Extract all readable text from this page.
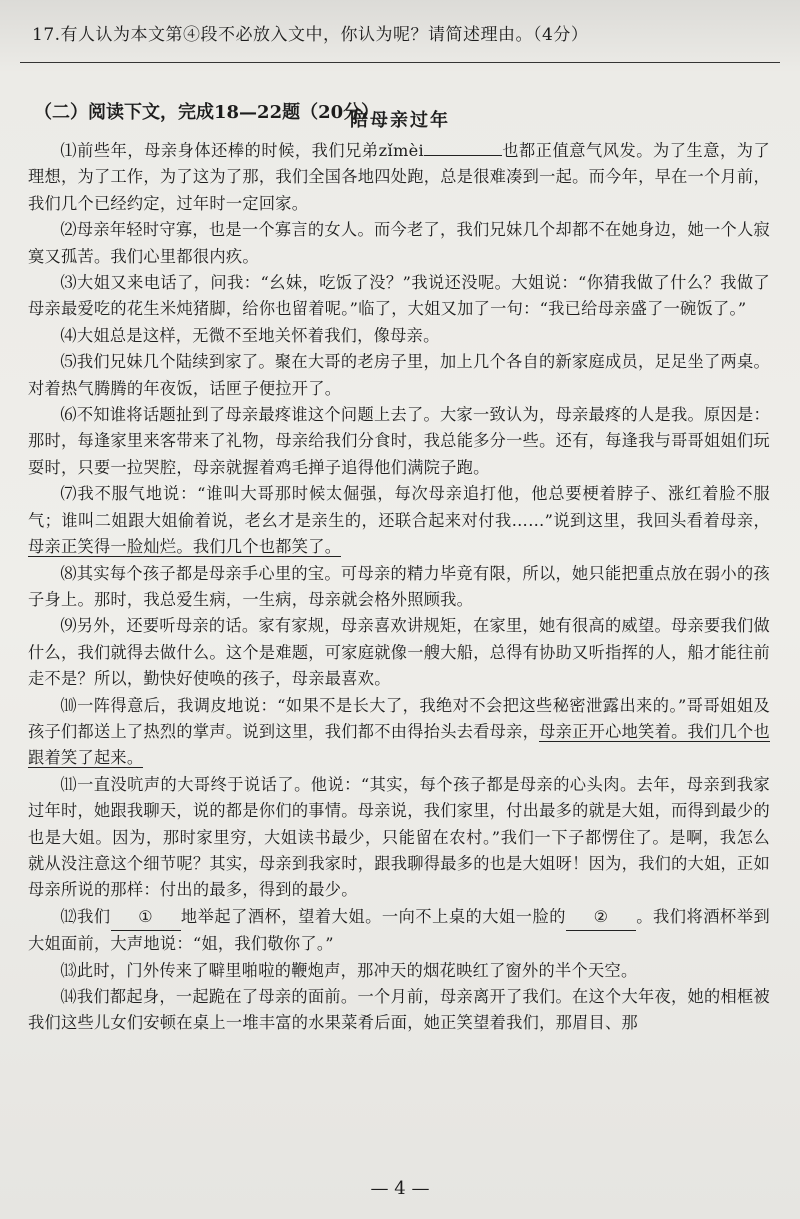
17.有人认为本文第④段不必放入文中，你认为呢？请简述理由。（4分）
（二）阅读下文，完成18—22题（20分）
陪母亲过年

⑴前些年，母亲身体还棒的时候，我们兄弟zǐmèi	也都正值意气风发。为了生意，为了理想，为了工作，为了这为了那，我们全国各地四处跑，总是很难凑到一起。而今年，早在一个月前，我们几个已经约定，过年时一定回家。

⑵母亲年轻时守寡，也是一个寡言的女人。而今老了，我们兄妹几个却都不在她身边，她一个人寂寞又孤苦。我们心里都很内疚。

⑶大姐又来电话了，问我：“幺妹，吃饭了没？”我说还没呢。大姐说：“你猜我做了什么？我做了母亲最爱吃的花生米炖猪脚，给你也留着呢。”临了，大姐又加了一句：“我已给母亲盛了一碗饭了。”

⑷大姐总是这样，无微不至地关怀着我们，像母亲。

⑸我们兄妹几个陆续到家了。聚在大哥的老房子里，加上几个各自的新家庭成员，足足坐了两桌。对着热气腾腾的年夜饭，话匣子便拉开了。

⑹不知谁将话题扯到了母亲最疼谁这个问题上去了。大家一致认为，母亲最疼的人是我。原因是：那时，每逢家里来客带来了礼物，母亲给我们分食时，我总能多分一些。还有，每逢我与哥哥姐姐们玩耍时，只要一拉哭腔，母亲就握着鸡毛掸子追得他们满院子跑。

⑺我不服气地说：“谁叫大哥那时候太倔强，每次母亲追打他，他总要梗着脖子、涨红着脸不服气；谁叫二姐跟大姐偷着说，老幺才是亲生的，还联合起来对付我……”说到这里，我回头看着母亲，母亲正笑得一脸灿烂。我们几个也都笑了。

⑻其实每个孩子都是母亲手心里的宝。可母亲的精力毕竟有限，所以，她只能把重点放在弱小的孩子身上。那时，我总爱生病，一生病，母亲就会格外照顾我。

⑼另外，还要听母亲的话。家有家规，母亲喜欢讲规矩，在家里，她有很高的威望。母亲要我们做什么，我们就得去做什么。这个是难题，可家庭就像一艘大船，总得有协助又听指挥的人，船才能往前走不是？所以，勤快好使唤的孩子，母亲最喜欢。

⑽一阵得意后，我调皮地说：“如果不是长大了，我绝对不会把这些秘密泄露出来的。”哥哥姐姐及孩子们都送上了热烈的掌声。说到这里，我们都不由得抬头去看母亲，母亲正开心地笑着。我们几个也跟着笑了起来。

⑾一直没吭声的大哥终于说话了。他说：“其实，每个孩子都是母亲的心头肉。去年，母亲到我家过年时，她跟我聊天，说的都是你们的事情。母亲说，我们家里，付出最多的就是大姐，而得到最少的也是大姐。因为，那时家里穷，大姐读书最少，只能留在农村。”我们一下子都愣住了。是啊，我怎么就从没注意这个细节呢？其实，母亲到我家时，跟我聊得最多的也是大姐呀！因为，我们的大姐，正如母亲所说的那样：付出的最多，得到的最少。

⑿我们 ① 地举起了酒杯，望着大姐。一向不上桌的大姐一脸的 ② 。我们将酒杯举到大姐面前，大声地说：“姐，我们敬你了。”

⒀此时，门外传来了噼里啪啦的鞭炮声，那冲天的烟花映红了窗外的半个天空。

⒁我们都起身，一起跪在了母亲的面前。一个月前，母亲离开了我们。在这个大年夜，她的相框被我们这些儿女们安顿在桌上一堆丰富的水果菜肴后面，她正笑望着我们，那眉目、那

— 4 —
